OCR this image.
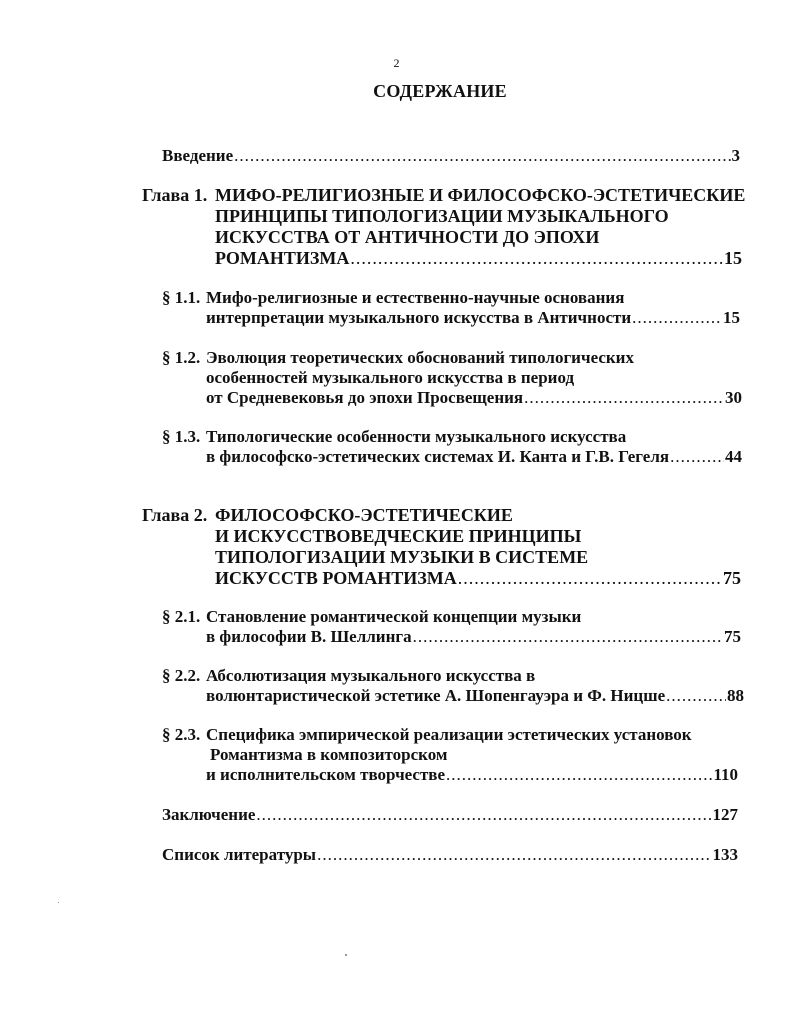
2
СОДЕРЖАНИЕ
Введение .....	3
Глава 1. МИФО-РЕЛИГИОЗНЫЕ И ФИЛОСОФСКО-ЭСТЕТИЧЕСКИЕ
ПРИНЦИПЫ ТИПОЛОГИЗАЦИИ МУЗЫКАЛЬНОГО
ИСКУССТВА ОТ АНТИЧНОСТИ ДО ЭПОХИ
РОМАНТИЗМА .....	15
§ 1.1. Мифо-религиозные и естественно-научные основания
интерпретации музыкального искусства в Античности .....	15
§ 1.2. Эволюция теоретических обоснований типологических
особенностей музыкального искусства в период
от Средневековья до эпохи Просвещения .....	30
§ 1.3. Типологические особенности музыкального искусства
в философско-эстетических системах И. Канта и Г.В. Гегеля .....	44
Глава 2. ФИЛОСОФСКО-ЭСТЕТИЧЕСКИЕ
И ИСКУССТВОВЕДЧЕСКИЕ ПРИНЦИПЫ
ТИПОЛОГИЗАЦИИ МУЗЫКИ В СИСТЕМЕ
ИСКУССТВ РОМАНТИЗМА .....	75
§ 2.1. Становление романтической концепции музыки
в философии В. Шеллинга .....	75
§ 2.2. Абсолютизация музыкального искусства в
волюнтаристической эстетике А. Шопенгауэра и Ф. Ницше .....	88
§ 2.3. Специфика эмпирической реализации эстетических установок
Романтизма в композиторском
и исполнительском творчестве .....	110
Заключение .....	127
Список литературы .....	133
